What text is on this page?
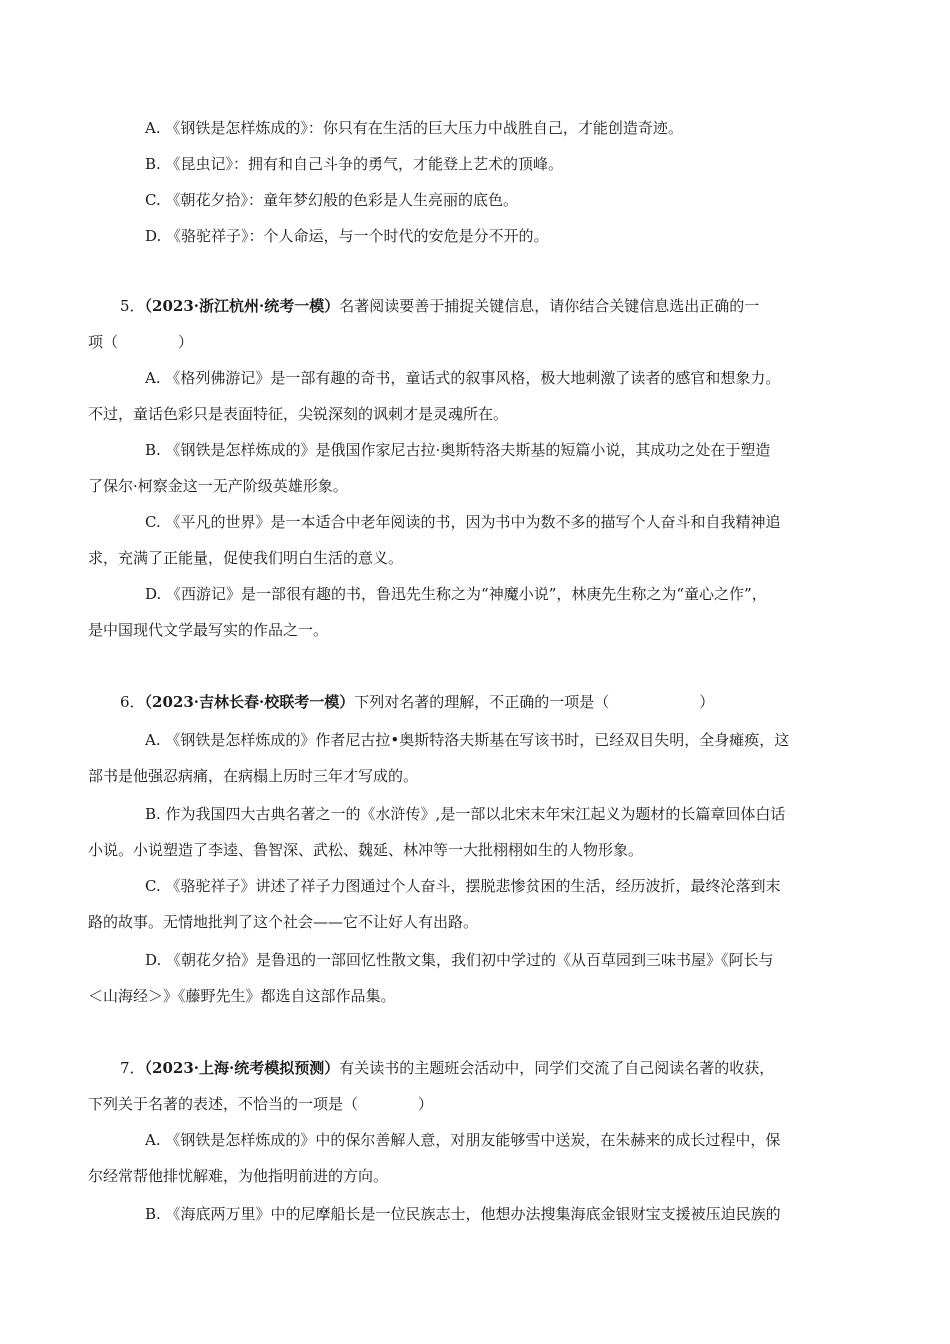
A. 《钢铁是怎样炼成的》：你只有在生活的巨大压力中战胜自己，才能创造奇迹。
B. 《昆虫记》：拥有和自己斗争的勇气，才能登上艺术的顶峰。
C. 《朝花夕拾》：童年梦幻般的色彩是人生亮丽的底色。
D. 《骆驼祥子》：个人命运，与一个时代的安危是分不开的。
5．（2023·浙江杭州·统考一模）名著阅读要善于捕捉关键信息，请你结合关键信息选出正确的一
项（　　　　）
A. 《格列佛游记》是一部有趣的奇书，童话式的叙事风格，极大地刺激了读者的感官和想象力。
不过，童话色彩只是表面特征，尖锐深刻的讽刺才是灵魂所在。
B. 《钢铁是怎样炼成的》是俄国作家尼古拉·奥斯特洛夫斯基的短篇小说，其成功之处在于塑造
了保尔·柯察金这一无产阶级英雄形象。
C. 《平凡的世界》是一本适合中老年阅读的书，因为书中为数不多的描写个人奋斗和自我精神追
求，充满了正能量，促使我们明白生活的意义。
D. 《西游记》是一部很有趣的书，鲁迅先生称之为“神魔小说”，林庚先生称之为“童心之作”，
是中国现代文学最写实的作品之一。
6．（2023·吉林长春·校联考一模）下列对名著的理解，不正确的一项是（　　　　　　）
A. 《钢铁是怎样炼成的》作者尼古拉•奥斯特洛夫斯基在写该书时，已经双目失明，全身瘫痪，这
部书是他强忍病痛，在病榻上历时三年才写成的。
B. 作为我国四大古典名著之一的《水浒传》,是一部以北宋末年宋江起义为题材的长篇章回体白话
小说。小说塑造了李逵、鲁智深、武松、魏延、林冲等一大批栩栩如生的人物形象。
C. 《骆驼祥子》讲述了祥子力图通过个人奋斗，摆脱悲惨贫困的生活，经历波折，最终沦落到末
路的故事。无情地批判了这个社会——它不让好人有出路。
D. 《朝花夕拾》是鲁迅的一部回忆性散文集，我们初中学过的《从百草园到三味书屋》《阿长与
＜山海经＞》《藤野先生》都选自这部作品集。
7．（2023·上海·统考模拟预测）有关读书的主题班会活动中，同学们交流了自己阅读名著的收获，
下列关于名著的表述，不恰当的一项是（　　　　）
A. 《钢铁是怎样炼成的》中的保尔善解人意，对朋友能够雪中送炭，在朱赫来的成长过程中，保
尔经常帮他排忧解难，为他指明前进的方向。
B. 《海底两万里》中的尼摩船长是一位民族志士，他想办法搜集海底金银财宝支援被压迫民族的
